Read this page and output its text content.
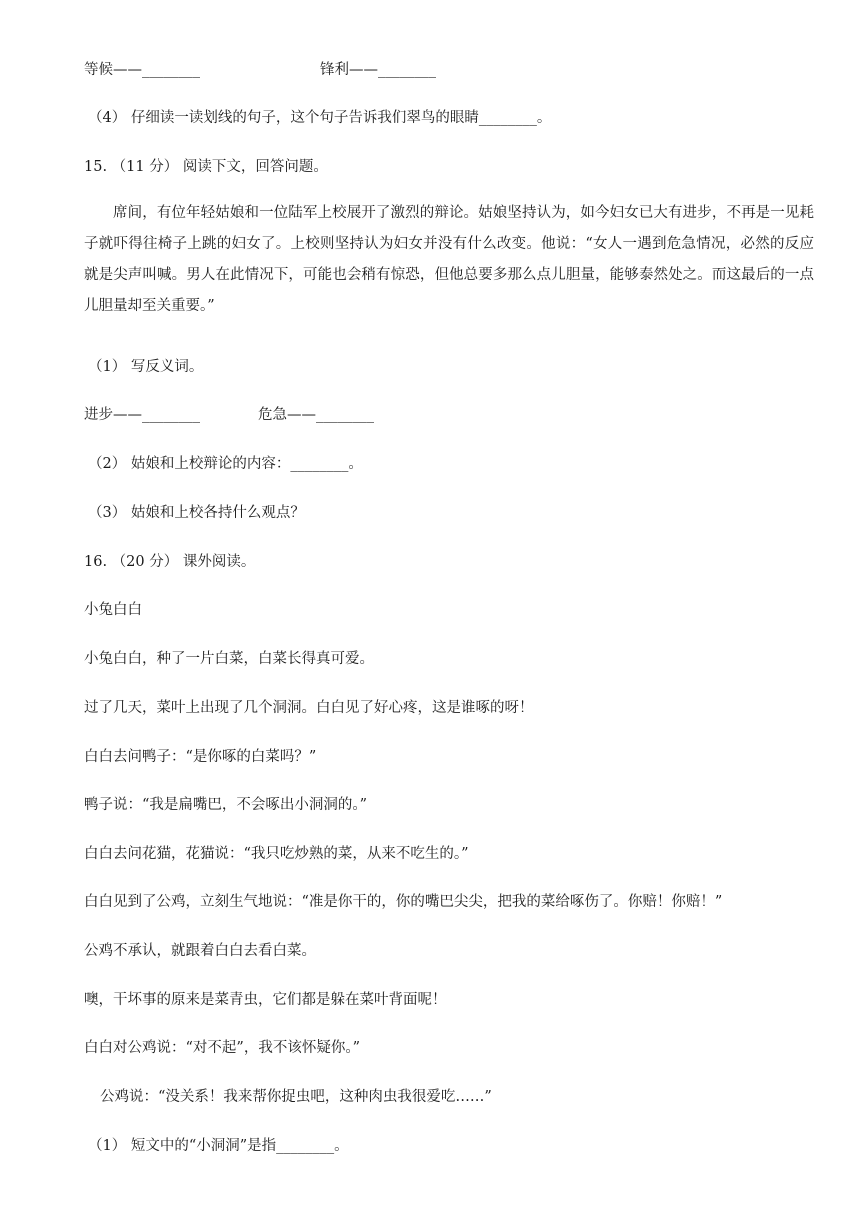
等候——________	锋利——________
（4） 仔细读一读划线的句子，这个句子告诉我们翠鸟的眼睛________。
15. （11 分） 阅读下文，回答问题。
席间，有位年轻姑娘和一位陆军上校展开了激烈的辩论。姑娘坚持认为，如今妇女已大有进步，不再是一见耗子就吓得往椅子上跳的妇女了。上校则坚持认为妇女并没有什么改变。他说：“女人一遇到危急情况，必然的反应就是尖声叫喊。男人在此情况下，可能也会稍有惊恐，但他总要多那么点儿胆量，能够泰然处之。而这最后的一点儿胆量却至关重要。”
（1） 写反义词。
进步——________	危急——________
（2） 姑娘和上校辩论的内容：________。
（3） 姑娘和上校各持什么观点？
16. （20 分） 课外阅读。
小兔白白
小兔白白，种了一片白菜，白菜长得真可爱。
过了几天，菜叶上出现了几个洞洞。白白见了好心疼，这是谁啄的呀！
白白去问鸭子：“是你啄的白菜吗？”
鸭子说：“我是扁嘴巴，不会啄出小洞洞的。”
白白去问花猫，花猫说：“我只吃炒熟的菜，从来不吃生的。”
白白见到了公鸡，立刻生气地说：“准是你干的，你的嘴巴尖尖，把我的菜给啄伤了。你赔！你赔！”
公鸡不承认，就跟着白白去看白菜。
噢，干坏事的原来是菜青虫，它们都是躲在菜叶背面呢！
白白对公鸡说：“对不起”，我不该怀疑你。”
公鸡说：“没关系！我来帮你捉虫吧，这种肉虫我很爱吃……”
（1） 短文中的“小洞洞”是指________。
